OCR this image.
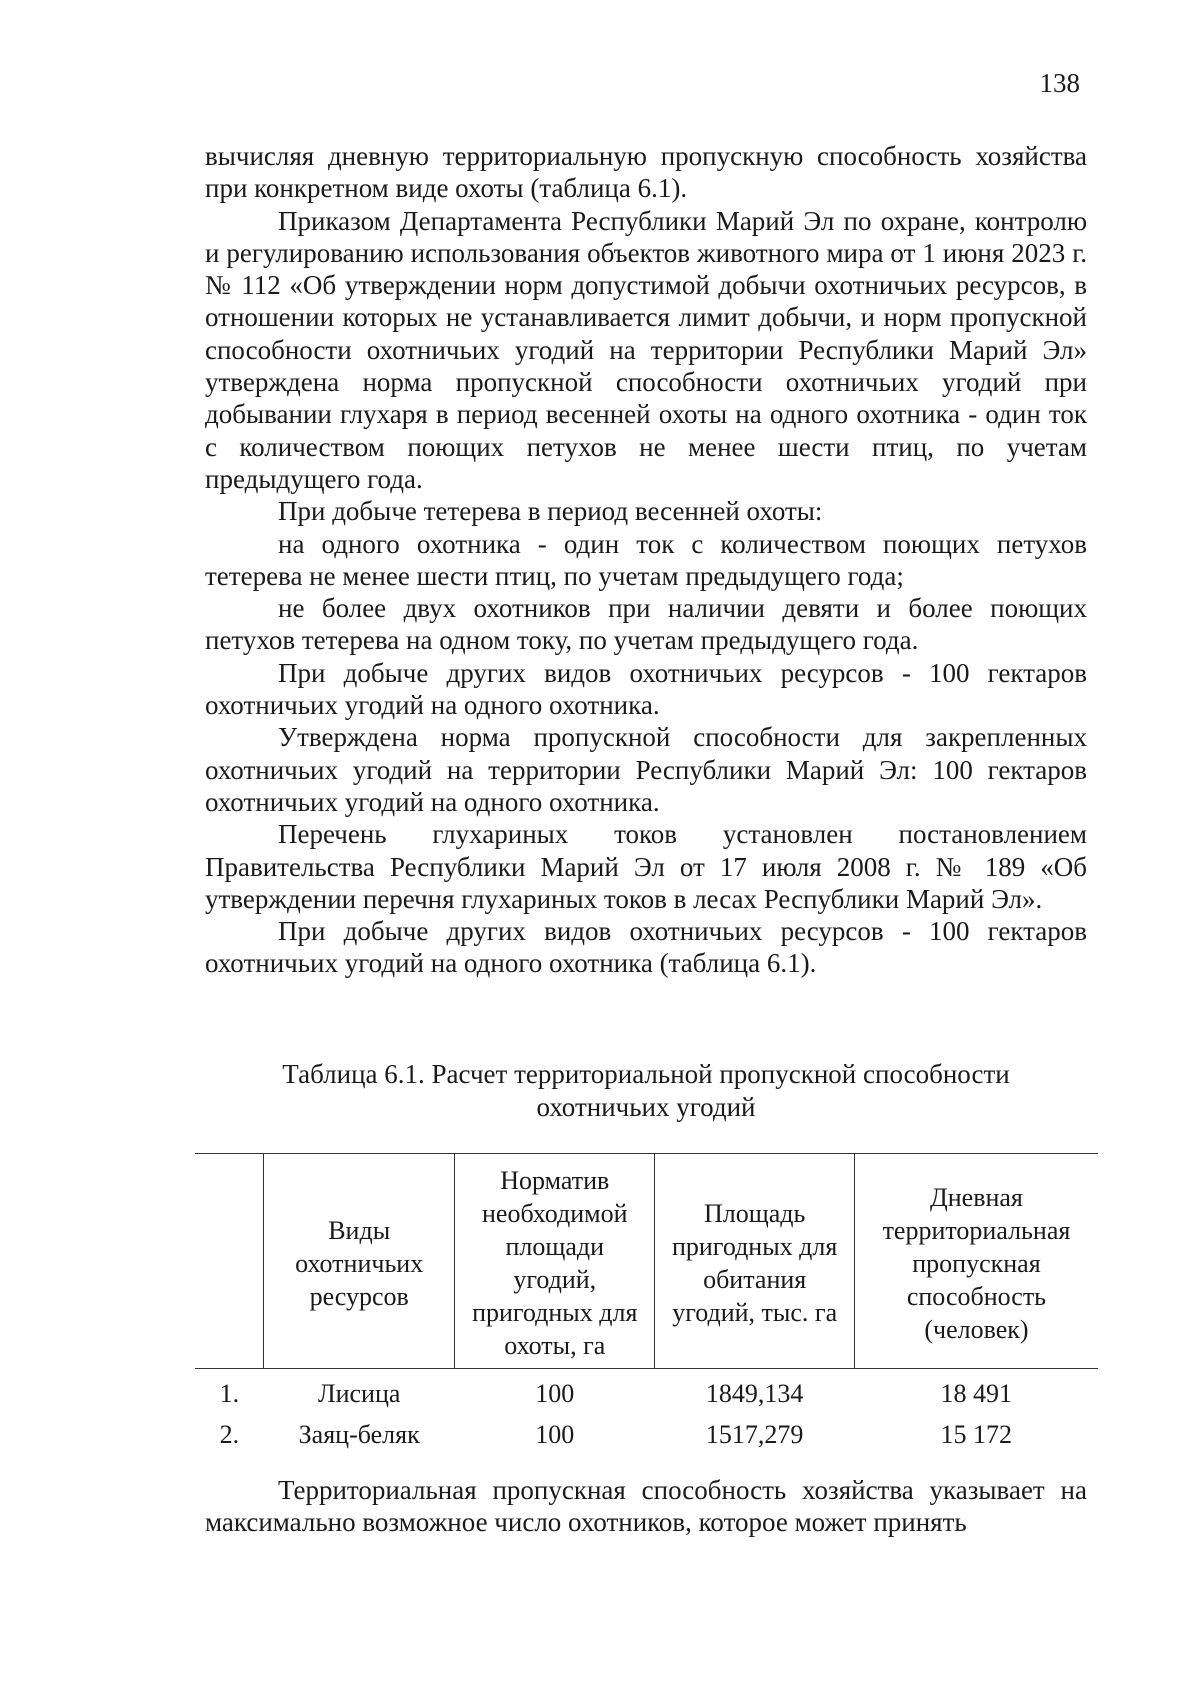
138

вычисляя дневную территориальную пропускную способность хозяйства при конкретном виде охоты (таблица 6.1).

Приказом Департамента Республики Марий Эл по охране, контролю и регулированию использования объектов животного мира от 1 июня 2023 г. № 112 «Об утверждении норм допустимой добычи охотничьих ресурсов, в отношении которых не устанавливается лимит добычи, и норм пропускной способности охотничьих угодий на территории Республики Марий Эл» утверждена норма пропускной способности охотничьих угодий при добывании глухаря в период весенней охоты на одного охотника - один ток с количеством поющих петухов не менее шести птиц, по учетам предыдущего года.

При добыче тетерева в период весенней охоты:

на одного охотника - один ток с количеством поющих петухов тетерева не менее шести птиц, по учетам предыдущего года;

не более двух охотников при наличии девяти и более поющих петухов тетерева на одном току, по учетам предыдущего года.

При добыче других видов охотничьих ресурсов - 100 гектаров охотничьих угодий на одного охотника.

Утверждена норма пропускной способности для закрепленных охотничьих угодий на территории Республики Марий Эл: 100 гектаров охотничьих угодий на одного охотника.

Перечень глухариных токов установлен постановлением Правительства Республики Марий Эл от 17 июля 2008 г. № 189 «Об утверждении перечня глухариных токов в лесах Республики Марий Эл».

При добыче других видов охотничьих ресурсов - 100 гектаров охотничьих угодий на одного охотника (таблица 6.1).

Таблица 6.1. Расчет территориальной пропускной способности
охотничьих угодий
	Виды охотничьих ресурсов	Норматив необходимой площади угодий, пригодных для охоты, га	Площадь пригодных для обитания угодий, тыс. га	Дневная территориальная пропускная способность (человек)
1.	Лисица	100	1849,134	18 491
2.	Заяц-беляк	100	1517,279	15 172

Территориальная пропускная способность хозяйства указывает на максимально возможное число охотников, которое может принять
